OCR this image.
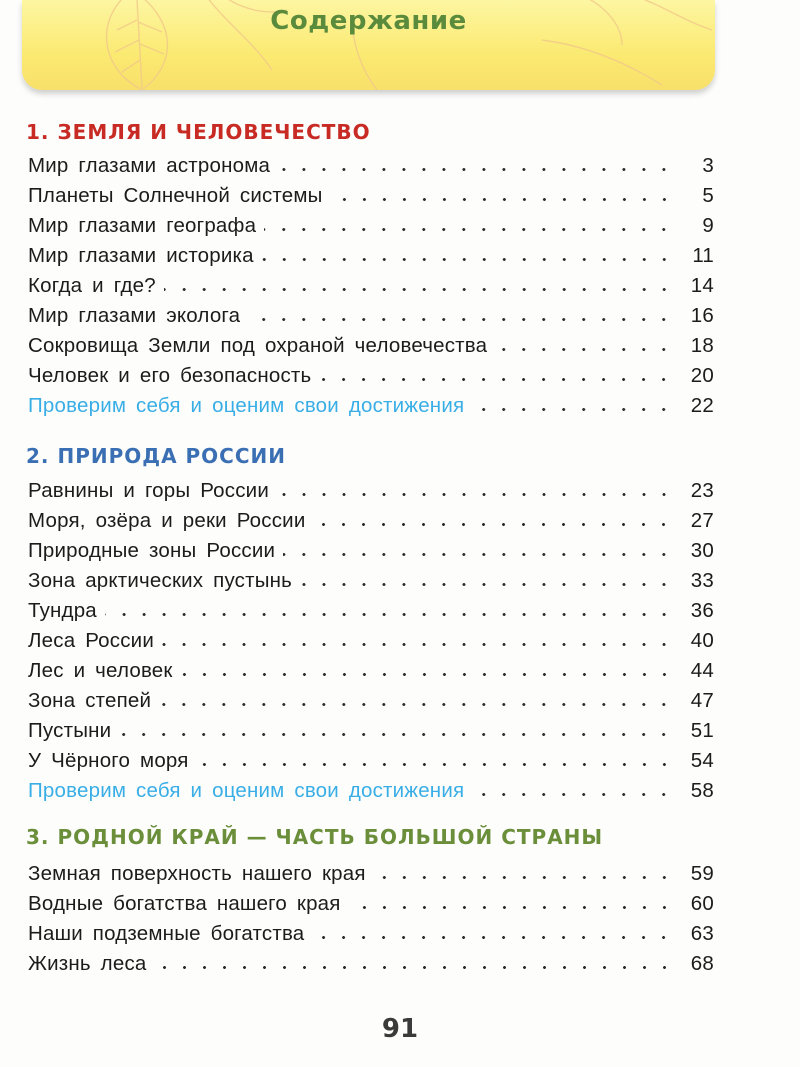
Содержание
1. ЗЕМЛЯ И ЧЕЛОВЕЧЕСТВО
Мир глазами астронома	3
Планеты Солнечной системы	5
Мир глазами географа	9
Мир глазами историка	11
Когда и где?	14
Мир глазами эколога	16
Сокровища Земли под охраной человечества	18
Человек и его безопасность	20
Проверим себя и оценим свои достижения	22
2. ПРИРОДА РОССИИ
Равнины и горы России	23
Моря, озёра и реки России	27
Природные зоны России	30
Зона арктических пустынь	33
Тундра	36
Леса России	40
Лес и человек	44
Зона степей	47
Пустыни	51
У Чёрного моря	54
Проверим себя и оценим свои достижения	58
3. РОДНОЙ КРАЙ — ЧАСТЬ БОЛЬШОЙ СТРАНЫ
Земная поверхность нашего края	59
Водные богатства нашего края	60
Наши подземные богатства	63
Жизнь леса	68
91
